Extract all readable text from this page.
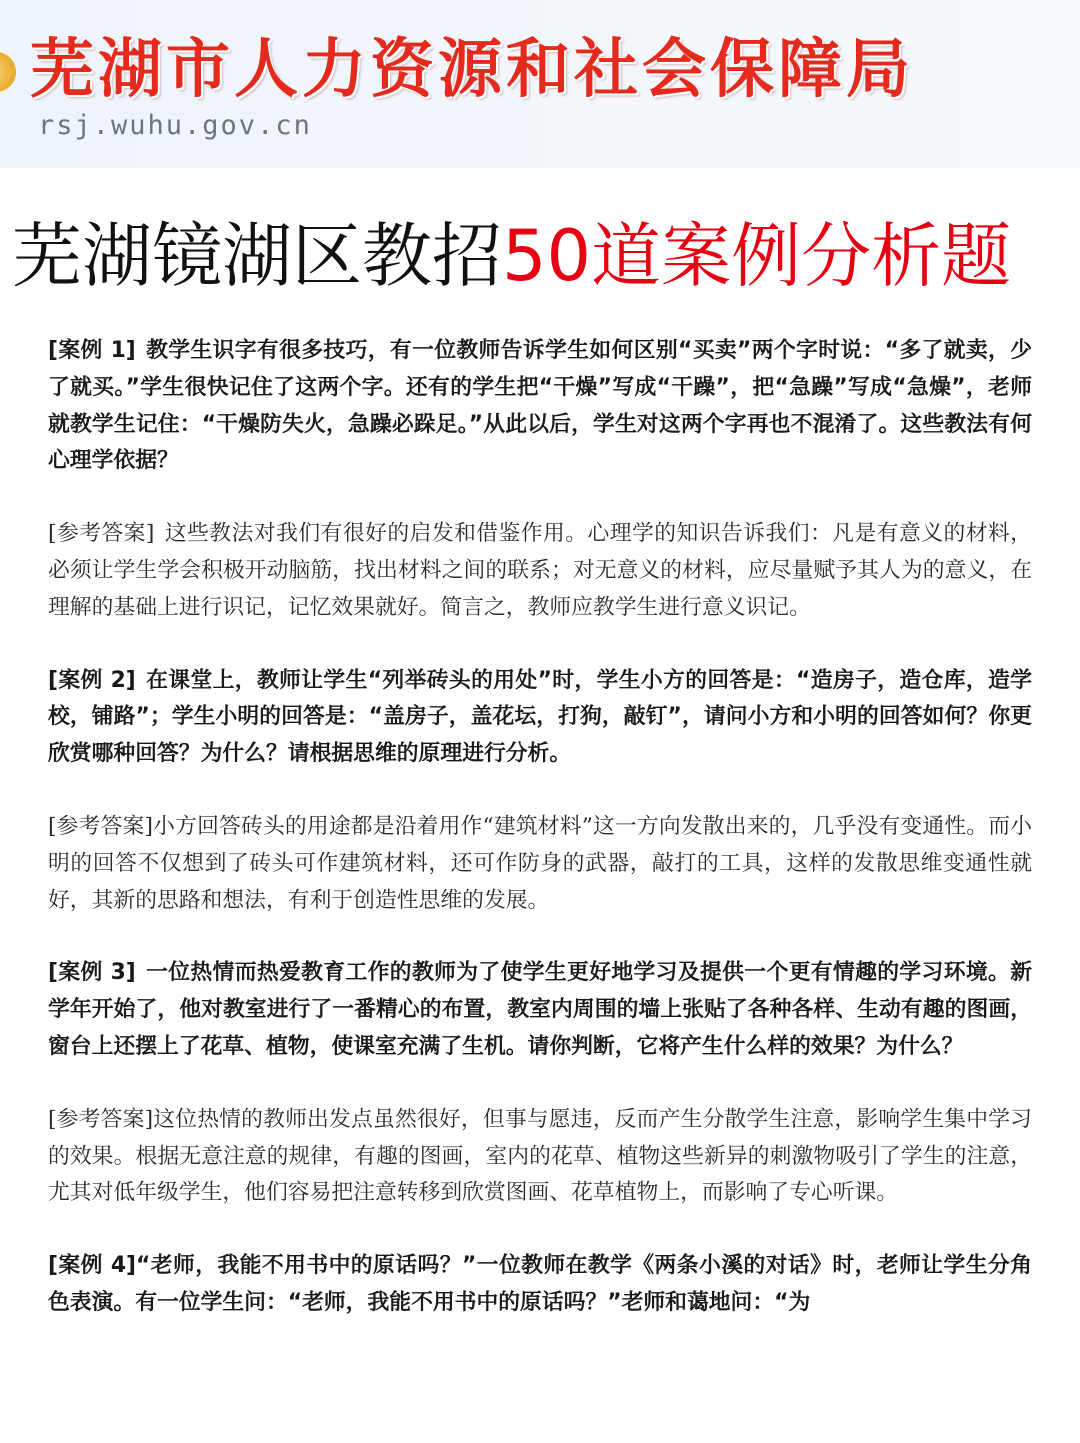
芜湖市人力资源和社会保障局
rsj.wuhu.gov.cn
芜湖镜湖区教招50道案例分析题

[案例 1] 教学生识字有很多技巧，有一位教师告诉学生如何区别“买卖”两个字时说：“多了就卖，少了就买。”学生很快记住了这两个字。还有的学生把“干燥”写成“干躁”，把“急躁”写成“急燥”，老师就教学生记住：“干燥防失火，急躁必跺足。”从此以后，学生对这两个字再也不混淆了。这些教法有何心理学依据？

[参考答案] 这些教法对我们有很好的启发和借鉴作用。心理学的知识告诉我们：凡是有意义的材料，必须让学生学会积极开动脑筋，找出材料之间的联系；对无意义的材料，应尽量赋予其人为的意义，在理解的基础上进行识记，记忆效果就好。简言之，教师应教学生进行意义识记。

[案例 2] 在课堂上，教师让学生“列举砖头的用处”时，学生小方的回答是：“造房子，造仓库，造学校，铺路”；学生小明的回答是：“盖房子，盖花坛，打狗，敲钉”，请问小方和小明的回答如何？你更欣赏哪种回答？为什么？请根据思维的原理进行分析。

[参考答案]小方回答砖头的用途都是沿着用作“建筑材料”这一方向发散出来的，几乎没有变通性。而小明的回答不仅想到了砖头可作建筑材料，还可作防身的武器，敲打的工具，这样的发散思维变通性就好，其新的思路和想法，有利于创造性思维的发展。

[案例 3] 一位热情而热爱教育工作的教师为了使学生更好地学习及提供一个更有情趣的学习环境。新学年开始了，他对教室进行了一番精心的布置，教室内周围的墙上张贴了各种各样、生动有趣的图画，窗台上还摆上了花草、植物，使课室充满了生机。请你判断，它将产生什么样的效果？为什么？

[参考答案]这位热情的教师出发点虽然很好，但事与愿违，反而产生分散学生注意，影响学生集中学习的效果。根据无意注意的规律，有趣的图画，室内的花草、植物这些新异的刺激物吸引了学生的注意，尤其对低年级学生，他们容易把注意转移到欣赏图画、花草植物上，而影响了专心听课。

[案例 4]“老师，我能不用书中的原话吗？”一位教师在教学《两条小溪的对话》时，老师让学生分角色表演。有一位学生问：“老师，我能不用书中的原话吗？”老师和蔼地问：“为
